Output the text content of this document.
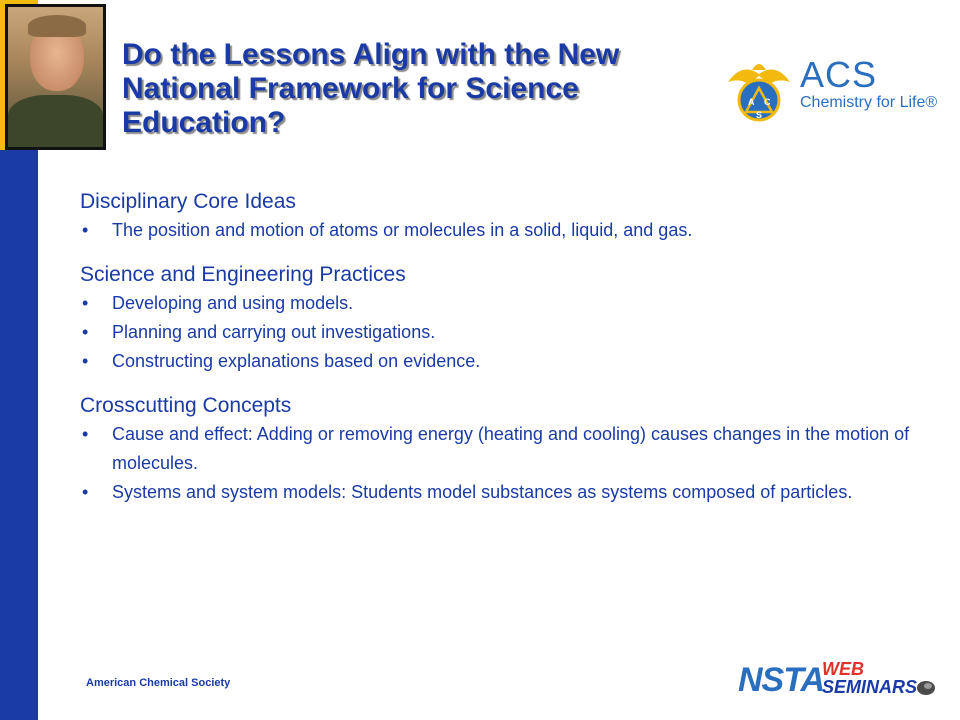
Do the Lessons Align with the New National Framework for Science Education?
A C
S
ACS
Chemistry for Life®

Disciplinary Core Ideas

• The position and motion of atoms or molecules in a solid, liquid, and gas.

Science and Engineering Practices

• Developing and using models.
• Planning and carrying out investigations.
• Constructing explanations based on evidence.

Crosscutting Concepts

• Cause and effect: Adding or removing energy (heating and cooling) causes changes in the motion of molecules.
• Systems and system models: Students model substances as systems composed of particles.
American Chemical Society	NSTA
WEB
SEMINARS
